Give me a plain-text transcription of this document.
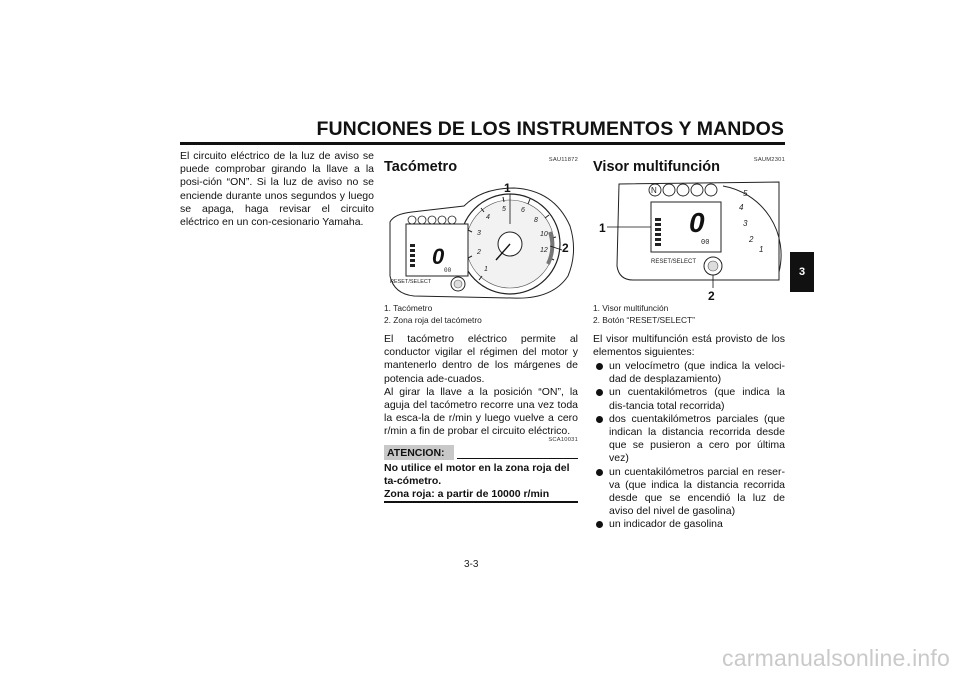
FUNCIONES DE LOS INSTRUMENTOS Y MANDOS
3
El circuito eléctrico de la luz de aviso se puede comprobar girando la llave a la posi-ción “ON”. Si la luz de aviso no se enciende durante unos segundos y luego se apaga, haga revisar el circuito eléctrico en un con-cesionario Yamaha.
SAU11872
Tacómetro
1
2
3
4
5 6
8
10
12
0
00
RESET/SELECT
1
2
1. Tacómetro
2. Zona roja del tacómetro
El tacómetro eléctrico permite al conductor vigilar el régimen del motor y mantenerlo dentro de los márgenes de potencia ade-cuados.
Al girar la llave a la posición “ON”, la aguja del tacómetro recorre una vez toda la esca-la de r/min y luego vuelve a cero r/min a fin de probar el circuito eléctrico.
SCA10031
ATENCION:
No utilice el motor en la zona roja del ta-cómetro.
Zona roja: a partir de 10000 r/min
SAUM2301
Visor multifunción
N
0
00
5
4
3
2
1
RESET/SELECT
1
2
1. Visor multifunción
2. Botón “RESET/SELECT”
El visor multifunción está provisto de los elementos siguientes:
un velocímetro (que indica la veloci-dad de desplazamiento)
un cuentakilómetros (que indica la dis-tancia total recorrida)
dos cuentakilómetros parciales (que indican la distancia recorrida desde que se pusieron a cero por última vez)
un cuentakilómetros parcial en reser-va (que indica la distancia recorrida desde que se encendió la luz de aviso del nivel de gasolina)
un indicador de gasolina
3-3
carmanualsonline.info
